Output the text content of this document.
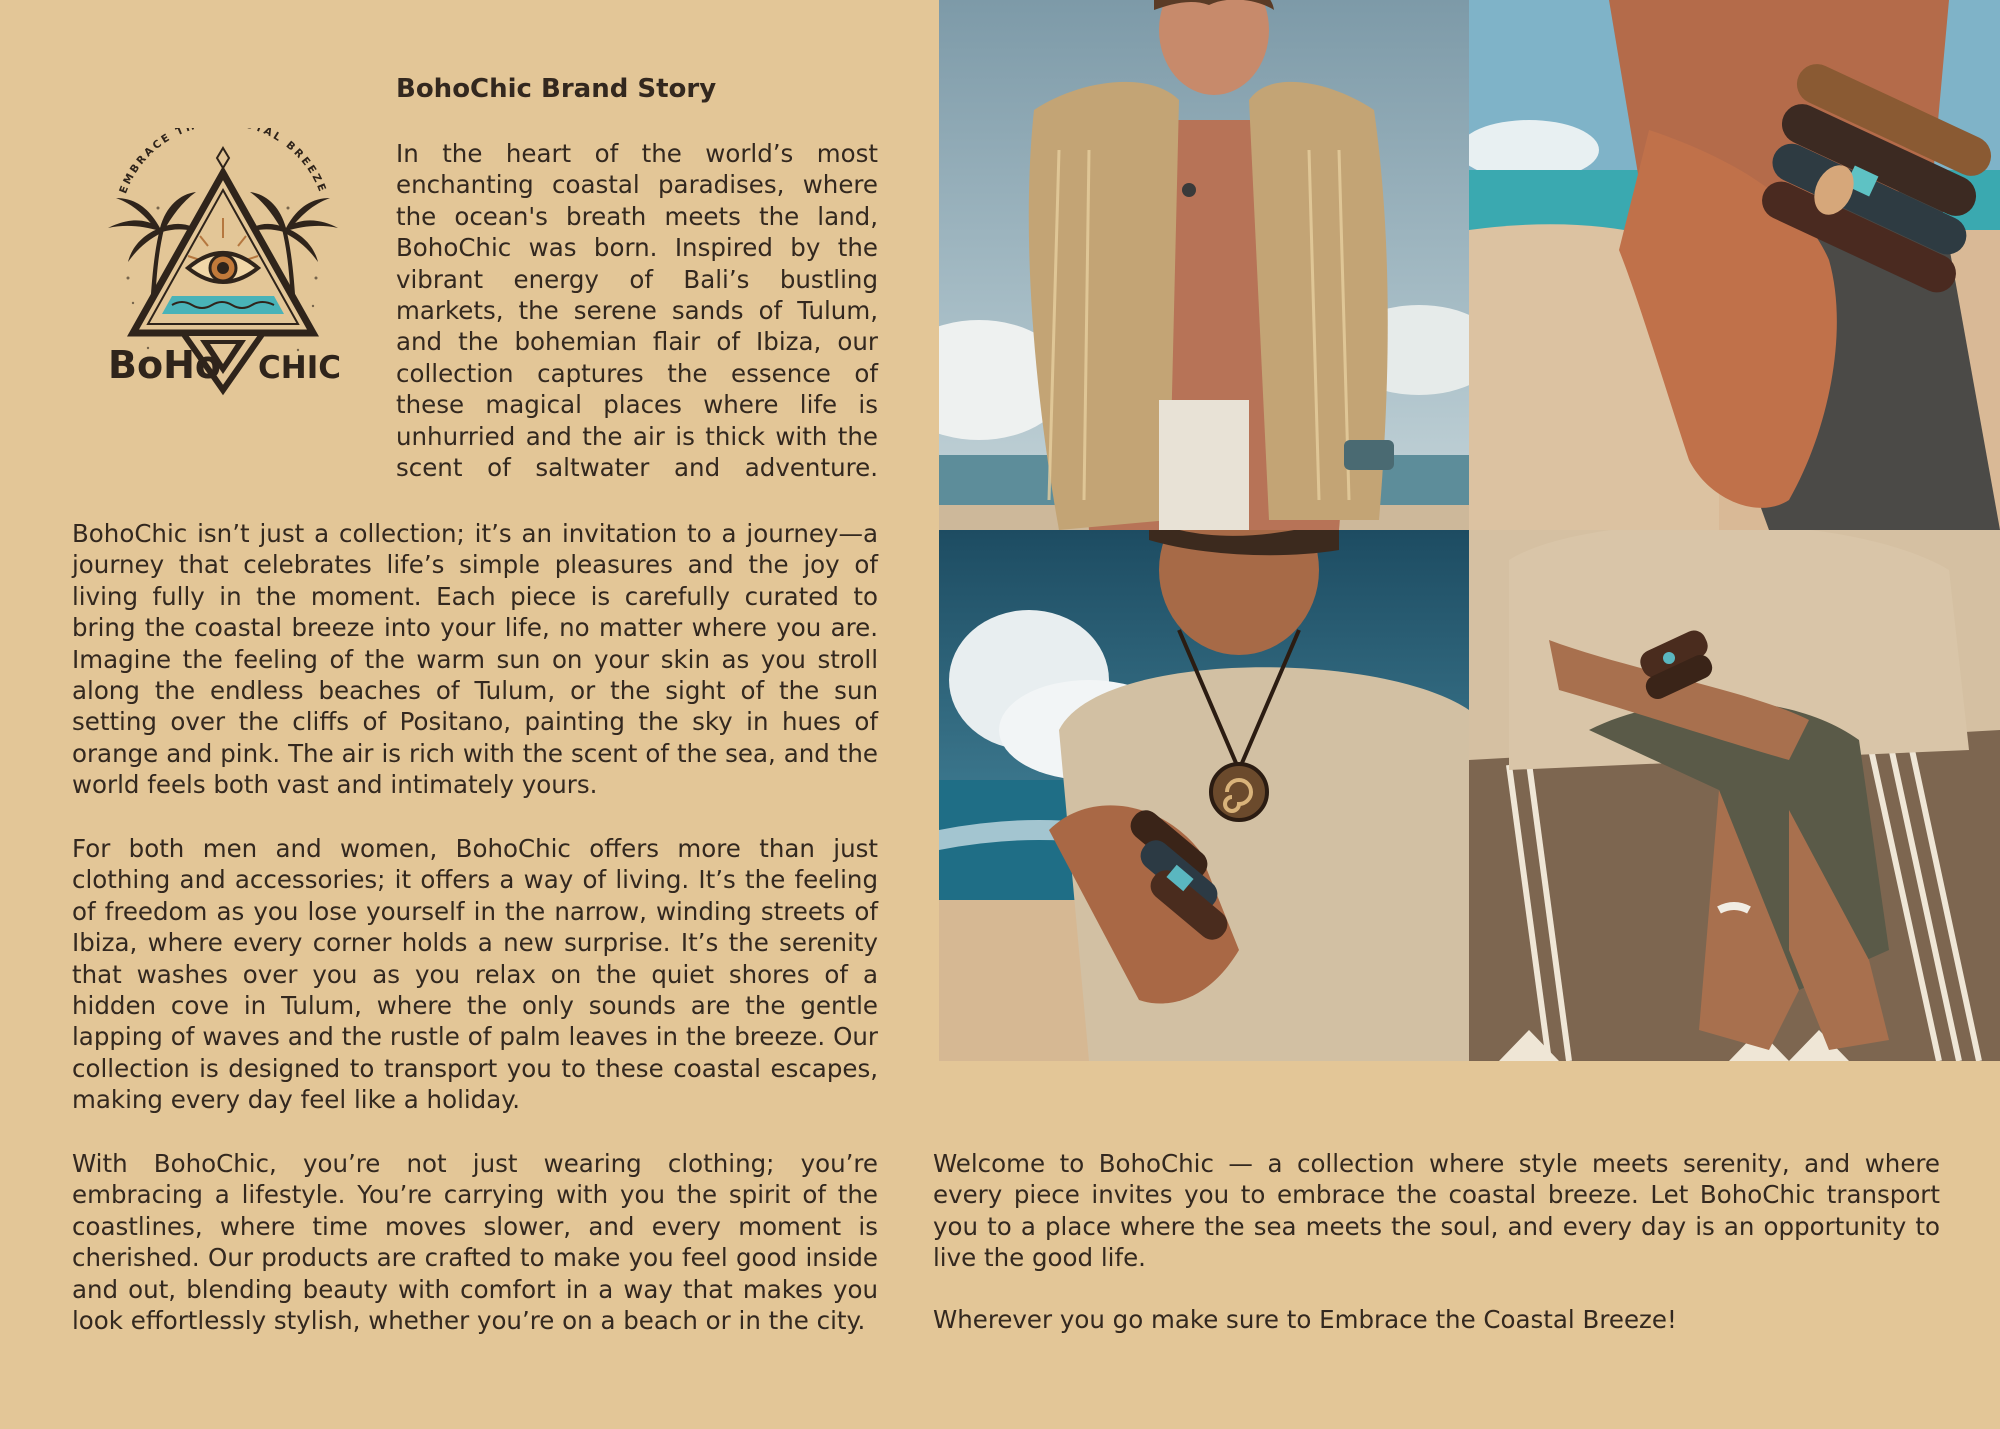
EMBRACE T TAL BREEZE
BoHo CHIC
BohoChic Brand Story

In the heart of the world’s most enchanting coastal paradises, where the ocean's breath meets the land, BohoChic was born. Inspired by the vibrant energy of Bali’s bustling markets, the serene sands of Tulum, and the bohemian flair of Ibiza, our collection captures the essence of these magical places where life is unhurried and the air is thick with the scent of saltwater and adventure.

BohoChic isn’t just a collection; it’s an invitation to a journey—a journey that celebrates life’s simple pleasures and the joy of living fully in the moment. Each piece is carefully curated to bring the coastal breeze into your life, no matter where you are. Imagine the feeling of the warm sun on your skin as you stroll along the endless beaches of Tulum, or the sight of the sun setting over the cliffs of Positano, painting the sky in hues of orange and pink. The air is rich with the scent of the sea, and the world feels both vast and intimately yours.

For both men and women, BohoChic offers more than just clothing and accessories; it offers a way of living. It’s the feeling of freedom as you lose yourself in the narrow, winding streets of Ibiza, where every corner holds a new surprise. It’s the serenity that washes over you as you relax on the quiet shores of a hidden cove in Tulum, where the only sounds are the gentle lapping of waves and the rustle of palm leaves in the breeze. Our collection is designed to transport you to these coastal escapes, making every day feel like a holiday.

With BohoChic, you’re not just wearing clothing; you’re embracing a lifestyle. You’re carrying with you the spirit of the coastlines, where time moves slower, and every moment is cherished. Our products are crafted to make you feel good inside and out, blending beauty with comfort in a way that makes you look effortlessly stylish, whether you’re on a beach or in the city.

Welcome to BohoChic — a collection where style meets serenity, and where every piece invites you to embrace the coastal breeze. Let BohoChic transport you to a place where the sea meets the soul, and every day is an opportunity to live the good life.

Wherever you go make sure to Embrace the Coastal Breeze!
